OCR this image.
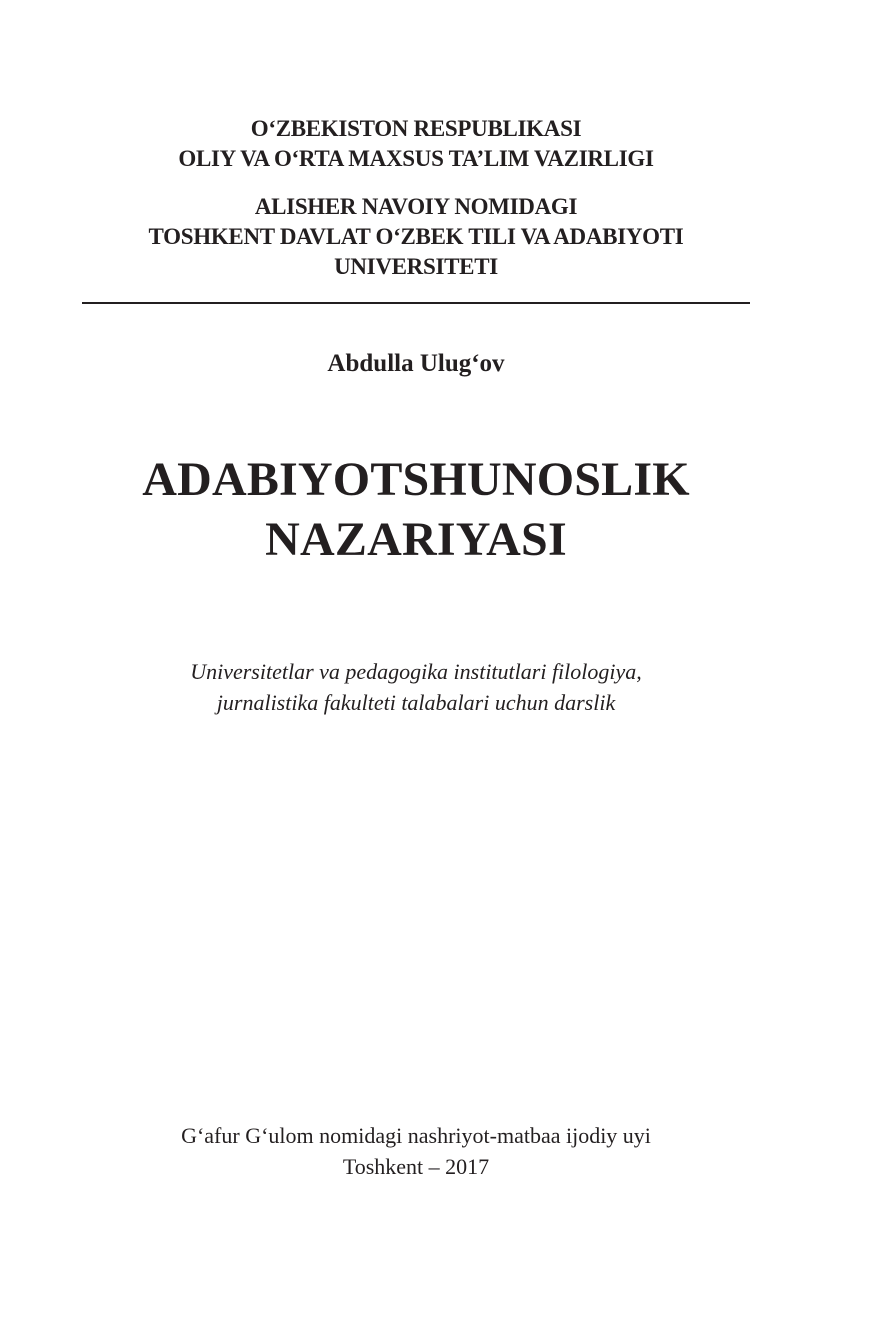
O‘ZBEKISTON RESPUBLIKASI
OLIY VA O‘RTA MAXSUS TA’LIM VAZIRLIGI
ALISHER NAVOIY NOMIDAGI
TOSHKENT DAVLAT O‘ZBEK TILI VA ADABIYOTI
UNIVERSITETI
Abdulla Ulug‘ov
ADABIYOTSHUNOSLIK
NAZARIYASI
Universitetlar va pedagogika institutlari filologiya,
jurnalistika fakulteti talabalari uchun darslik
G‘afur G‘ulom nomidagi nashriyot-matbaa ijodiy uyi
Toshkent – 2017
